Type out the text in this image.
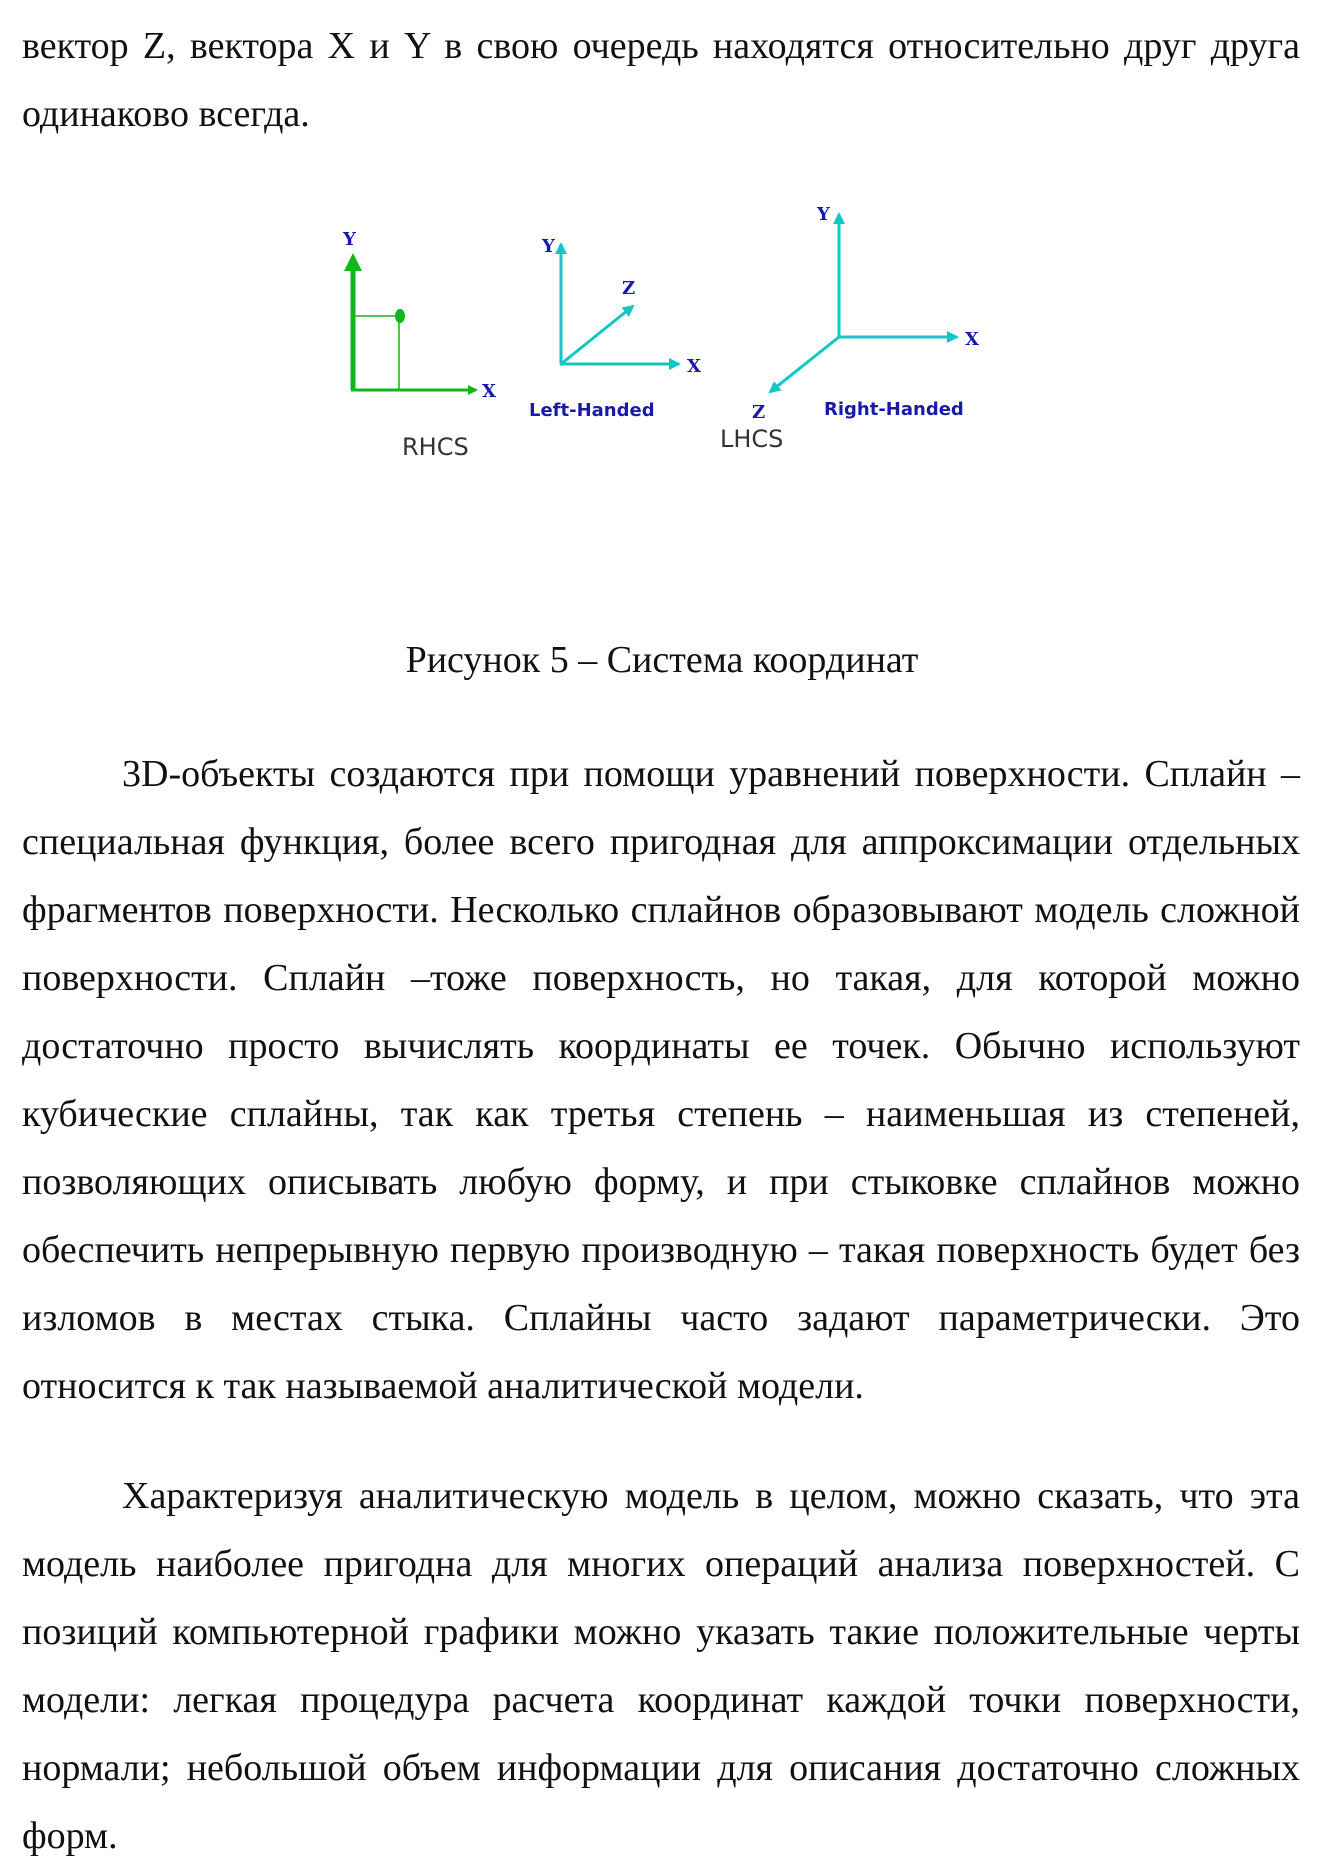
вектор Z, вектора X и Y в свою очередь находятся относительно друг друга одинаково всегда.

Y
X
RHCS
Y
Z
X
Left-Handed
Y
X
Z	Right-Handed
LHCS

Рисунок 5 – Система координат

3D-объекты создаются при помощи уравнений поверхности. Сплайн – специальная функция, более всего пригодная для аппроксимации отдельных фрагментов поверхности. Несколько сплайнов образовывают модель сложной поверхности. Сплайн –тоже поверхность, но такая, для которой можно достаточно просто вычислять координаты ее точек. Обычно используют кубические сплайны, так как третья степень – наименьшая из степеней, позволяющих описывать любую форму, и при стыковке сплайнов можно обеспечить непрерывную первую производную – такая поверхность будет без изломов в местах стыка. Сплайны часто задают параметрически. Это относится к так называемой аналитической модели.

Характеризуя аналитическую модель в целом, можно сказать, что эта модель наиболее пригодна для многих операций анализа поверхностей. С позиций компьютерной графики можно указать такие положительные черты модели: легкая процедура расчета координат каждой точки поверхности, нормали; небольшой объем информации для описания достаточно сложных форм.
